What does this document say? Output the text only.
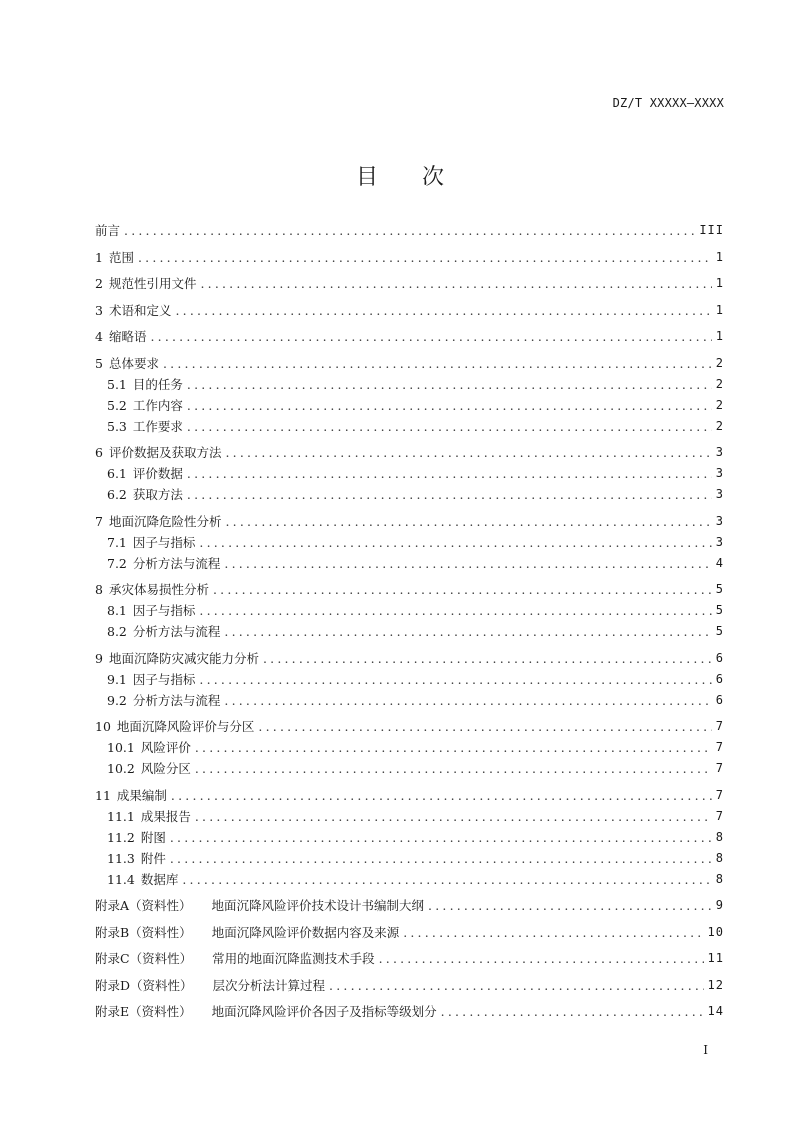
DZ/T XXXXX—XXXX
目次
前言 .....	III
1 范围 .....	1
2 规范性引用文件 .....	1
3 术语和定义 .....	1
4 缩略语 .....	1
5 总体要求 .....	2
5.1 目的任务 .....	2
5.2 工作内容 .....	2
5.3 工作要求 .....	2
6 评价数据及获取方法 .....	3
6.1 评价数据 .....	3
6.2 获取方法 .....	3
7 地面沉降危险性分析 .....	3
7.1 因子与指标 .....	3
7.2 分析方法与流程 .....	4
8 承灾体易损性分析 .....	5
8.1 因子与指标 .....	5
8.2 分析方法与流程 .....	5
9 地面沉降防灾减灾能力分析 .....	6
9.1 因子与指标 .....	6
9.2 分析方法与流程 .....	6
10 地面沉降风险评价与分区 .....	7
10.1 风险评价 .....	7
10.2 风险分区 .....	7
11 成果编制 .....	7
11.1 成果报告 .....	7
11.2 附图 .....	8
11.3 附件 .....	8
11.4 数据库 .....	8
附录A（资料性） 地面沉降风险评价技术设计书编制大纲 .....	9
附录B（资料性） 地面沉降风险评价数据内容及来源 .....	10
附录C（资料性） 常用的地面沉降监测技术手段 .....	11
附录D（资料性） 层次分析法计算过程 .....	12
附录E（资料性） 地面沉降风险评价各因子及指标等级划分 .....	14
I
